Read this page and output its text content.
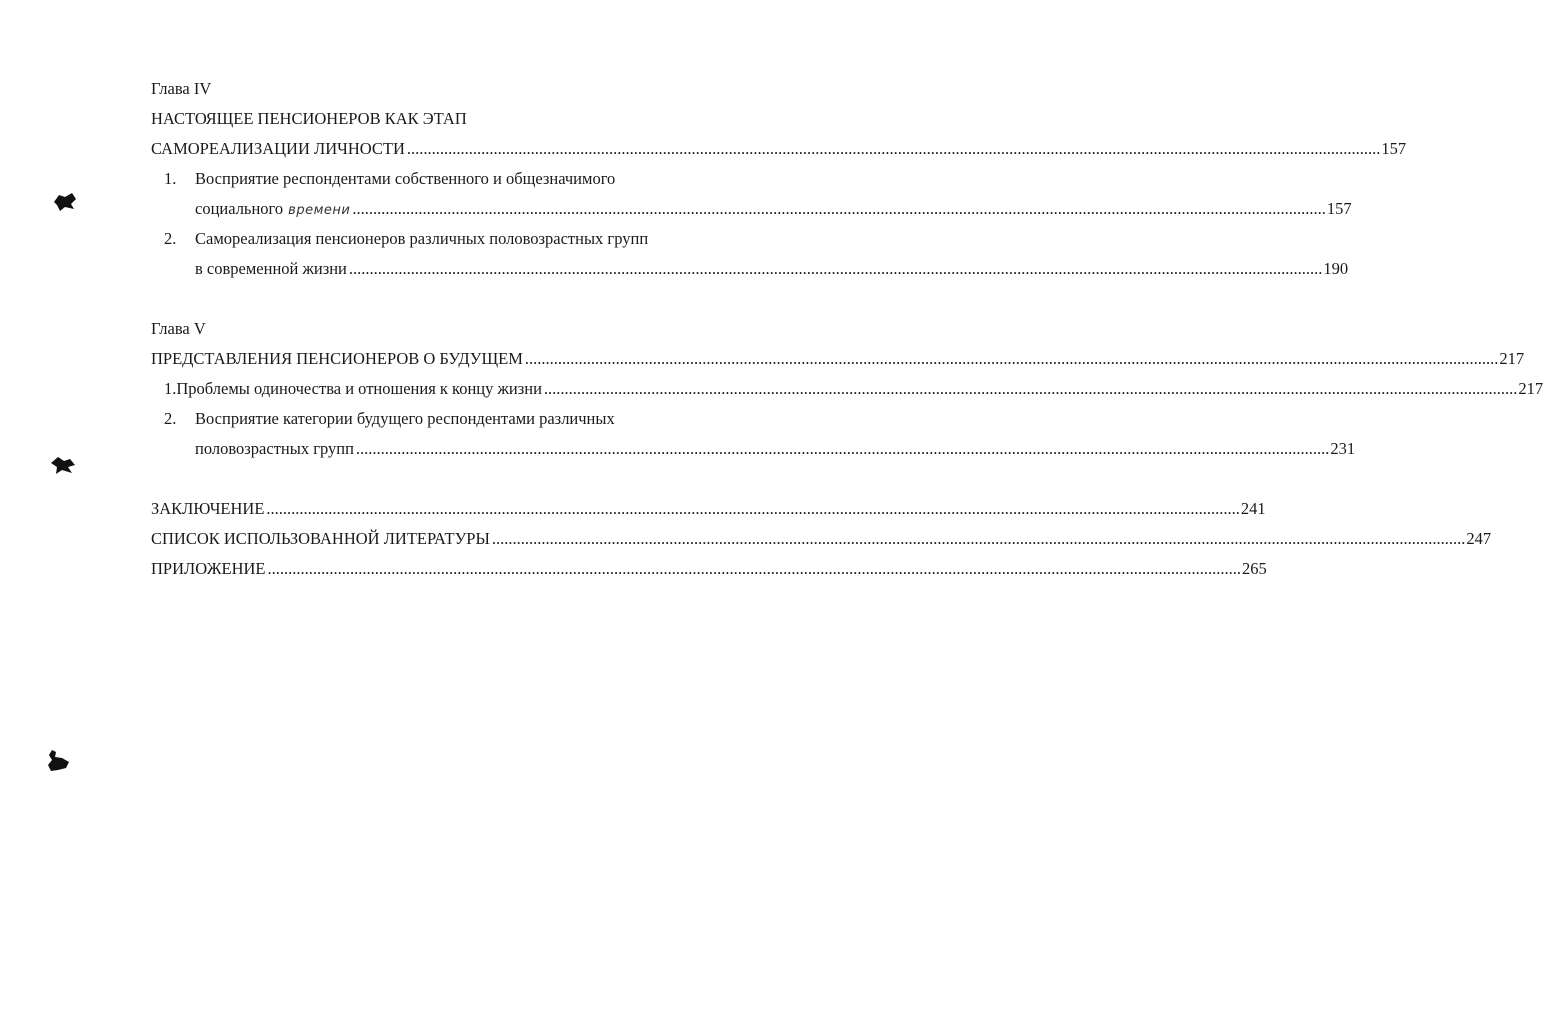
Глава IV
НАСТОЯЩЕЕ ПЕНСИОНЕРОВ КАК ЭТАП
САМОРЕАЛИЗАЦИИ ЛИЧНОСТИ .....	157
1.	Восприятие респондентами собственного и общезначимого
социального времени .....	157
2.	Самореализация пенсионеров различных половозрастных групп
в современной жизни .....	190
Глава V
ПРЕДСТАВЛЕНИЯ ПЕНСИОНЕРОВ О БУДУЩЕМ .....	217
1. Проблемы одиночества и отношения к концу жизни .....	217
2.	Восприятие категории будущего респондентами различных
половозрастных групп .....	231
ЗАКЛЮЧЕНИЕ .....	241
СПИСОК ИСПОЛЬЗОВАННОЙ ЛИТЕРАТУРЫ .....	247
ПРИЛОЖЕНИЕ .....	265
